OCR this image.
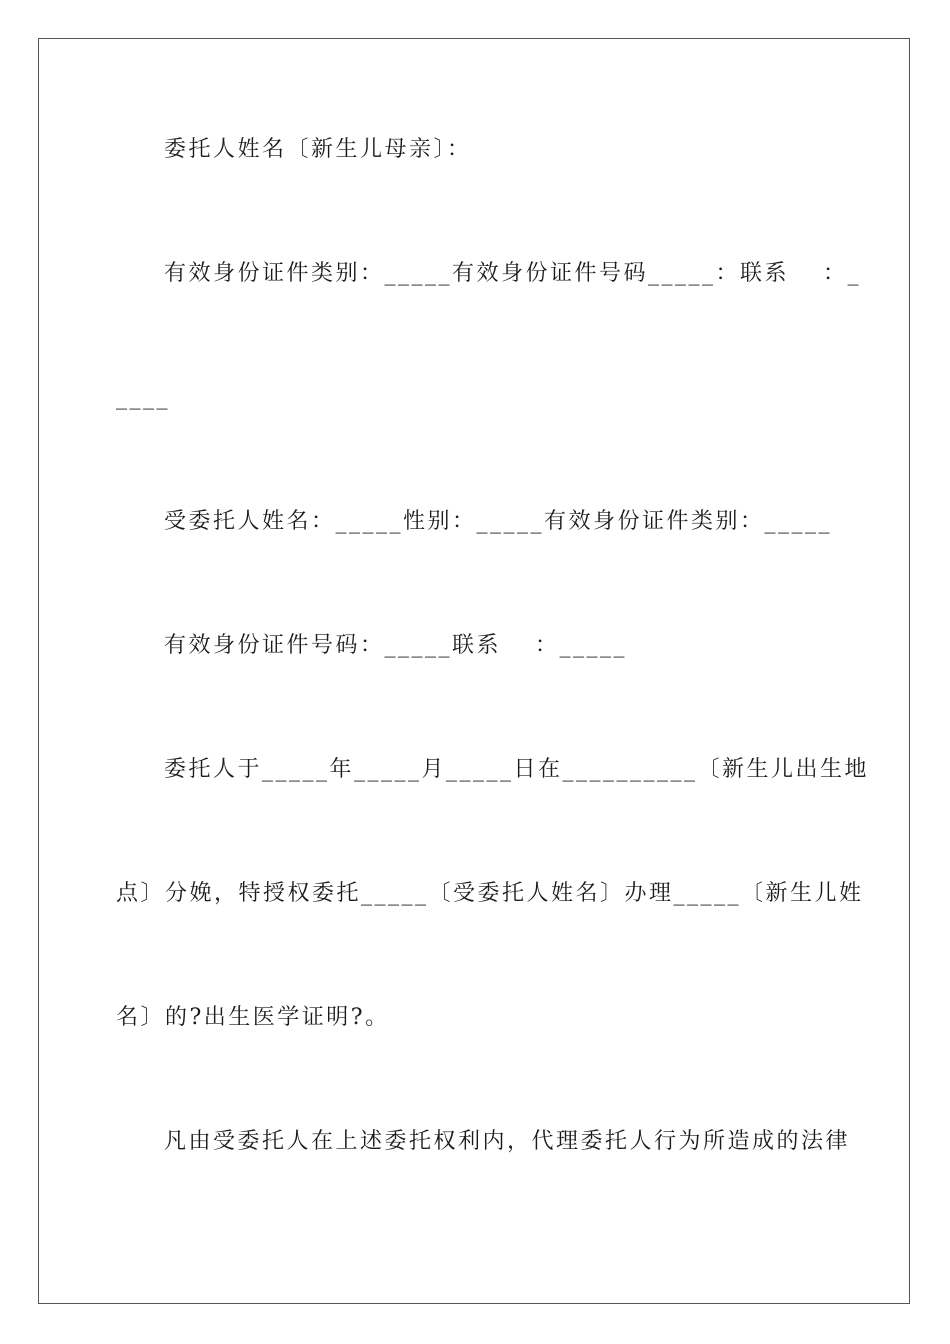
委托人姓名〔新生儿母亲〕：
有效身份证件类别：_____有效身份证件号码_____：联系　 ：_
____
受委托人姓名：_____性别：_____有效身份证件类别：_____
有效身份证件号码：_____联系　 ：_____
委托人于_____年_____月_____日在__________〔新生儿出生地
点〕分娩，特授权委托_____〔受委托人姓名〕办理_____〔新生儿姓
名〕的?出生医学证明?。
凡由受委托人在上述委托权利内，代理委托人行为所造成的法律
